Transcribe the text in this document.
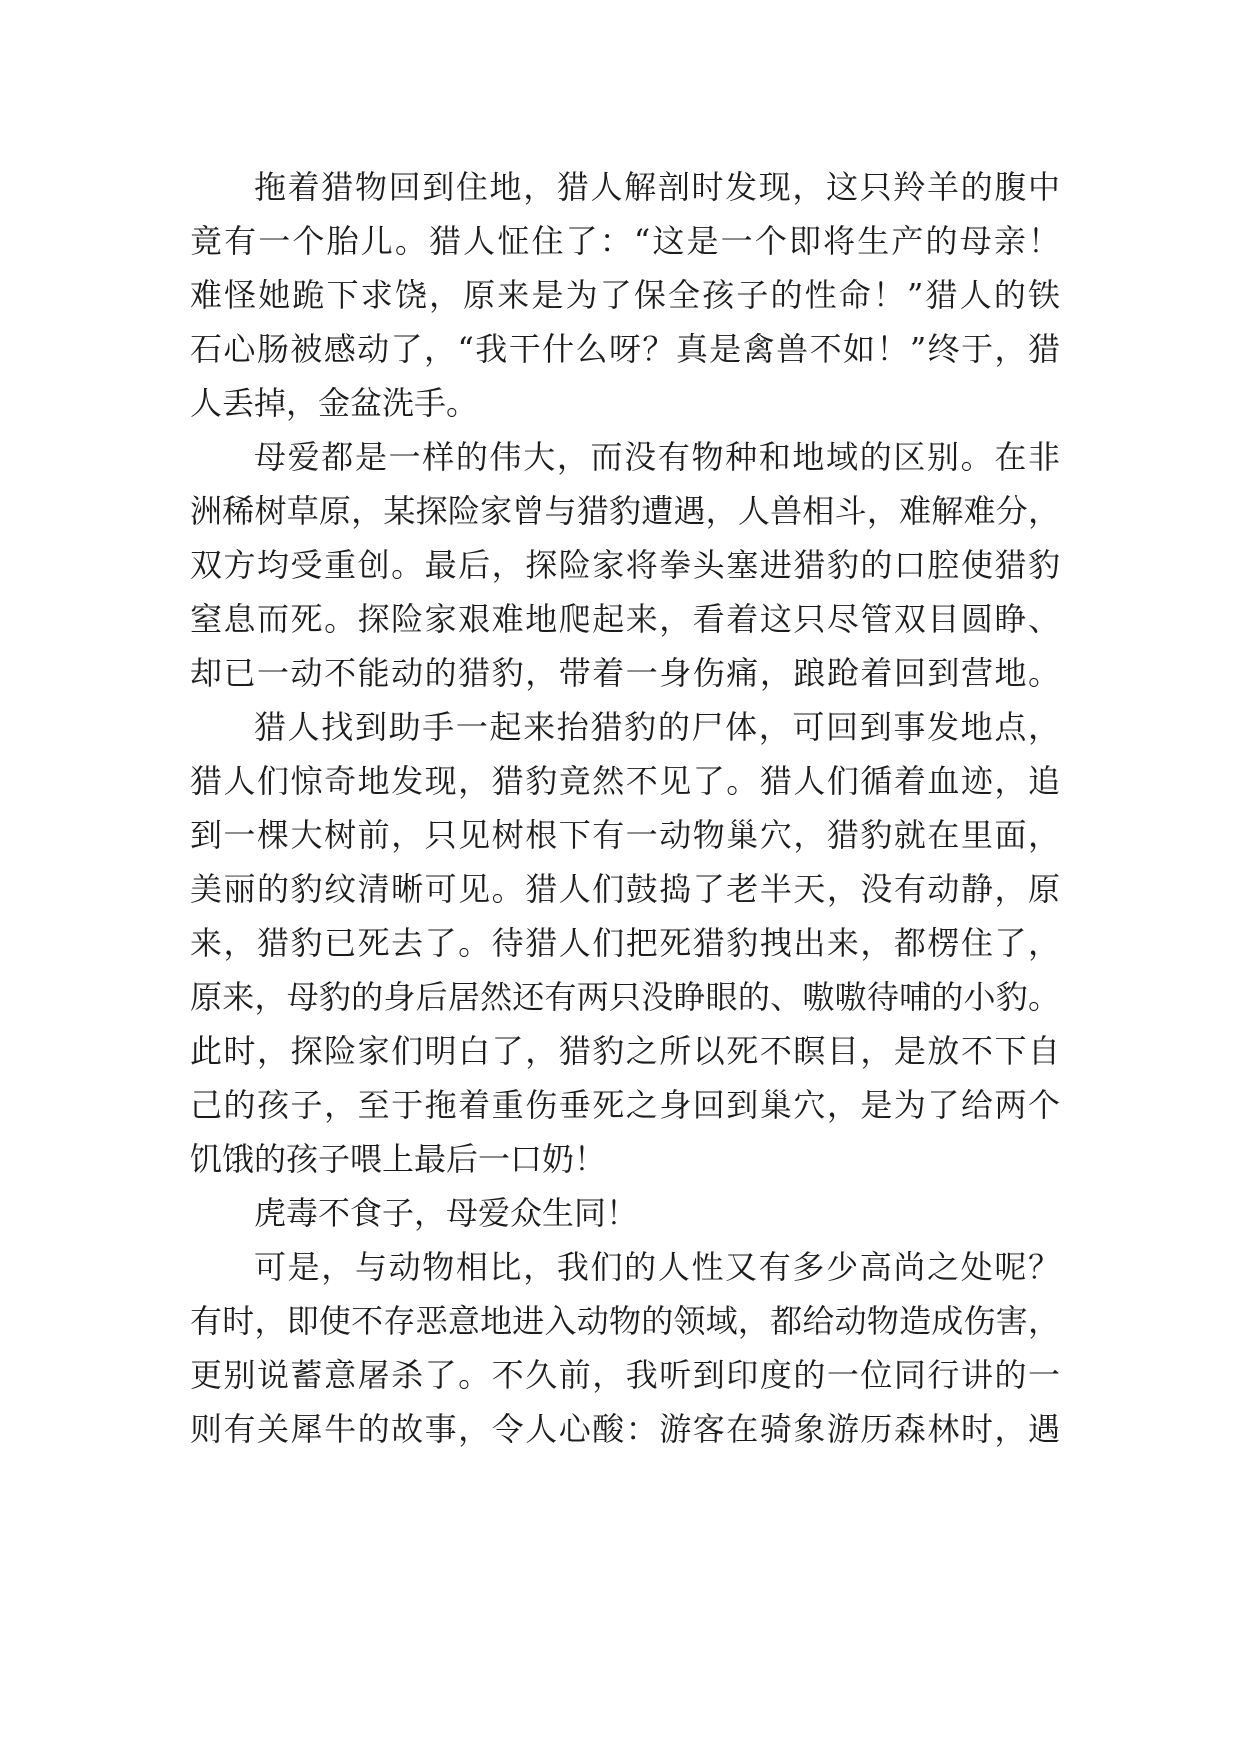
拖着猎物回到住地，猎人解剖时发现，这只羚羊的腹中
竟有一个胎儿。猎人怔住了：“这是一个即将生产的母亲！
难怪她跪下求饶，原来是为了保全孩子的性命！”猎人的铁
石心肠被感动了，“我干什么呀？真是禽兽不如！”终于，猎
人丢掉，金盆洗手。

母爱都是一样的伟大，而没有物种和地域的区别。在非
洲稀树草原，某探险家曾与猎豹遭遇，人兽相斗，难解难分，
双方均受重创。最后，探险家将拳头塞进猎豹的口腔使猎豹
窒息而死。探险家艰难地爬起来，看着这只尽管双目圆睁、
却已一动不能动的猎豹，带着一身伤痛，踉跄着回到营地。

猎人找到助手一起来抬猎豹的尸体，可回到事发地点，
猎人们惊奇地发现，猎豹竟然不见了。猎人们循着血迹，追
到一棵大树前，只见树根下有一动物巢穴，猎豹就在里面，
美丽的豹纹清晰可见。猎人们鼓捣了老半天，没有动静，原
来，猎豹已死去了。待猎人们把死猎豹拽出来，都楞住了，
原来，母豹的身后居然还有两只没睁眼的、嗷嗷待哺的小豹。
此时，探险家们明白了，猎豹之所以死不瞑目，是放不下自
己的孩子，至于拖着重伤垂死之身回到巢穴，是为了给两个
饥饿的孩子喂上最后一口奶！

虎毒不食子，母爱众生同！

可是，与动物相比，我们的人性又有多少高尚之处呢？
有时，即使不存恶意地进入动物的领域，都给动物造成伤害，
更别说蓄意屠杀了。不久前，我听到印度的一位同行讲的一
则有关犀牛的故事，令人心酸：游客在骑象游历森林时，遇
